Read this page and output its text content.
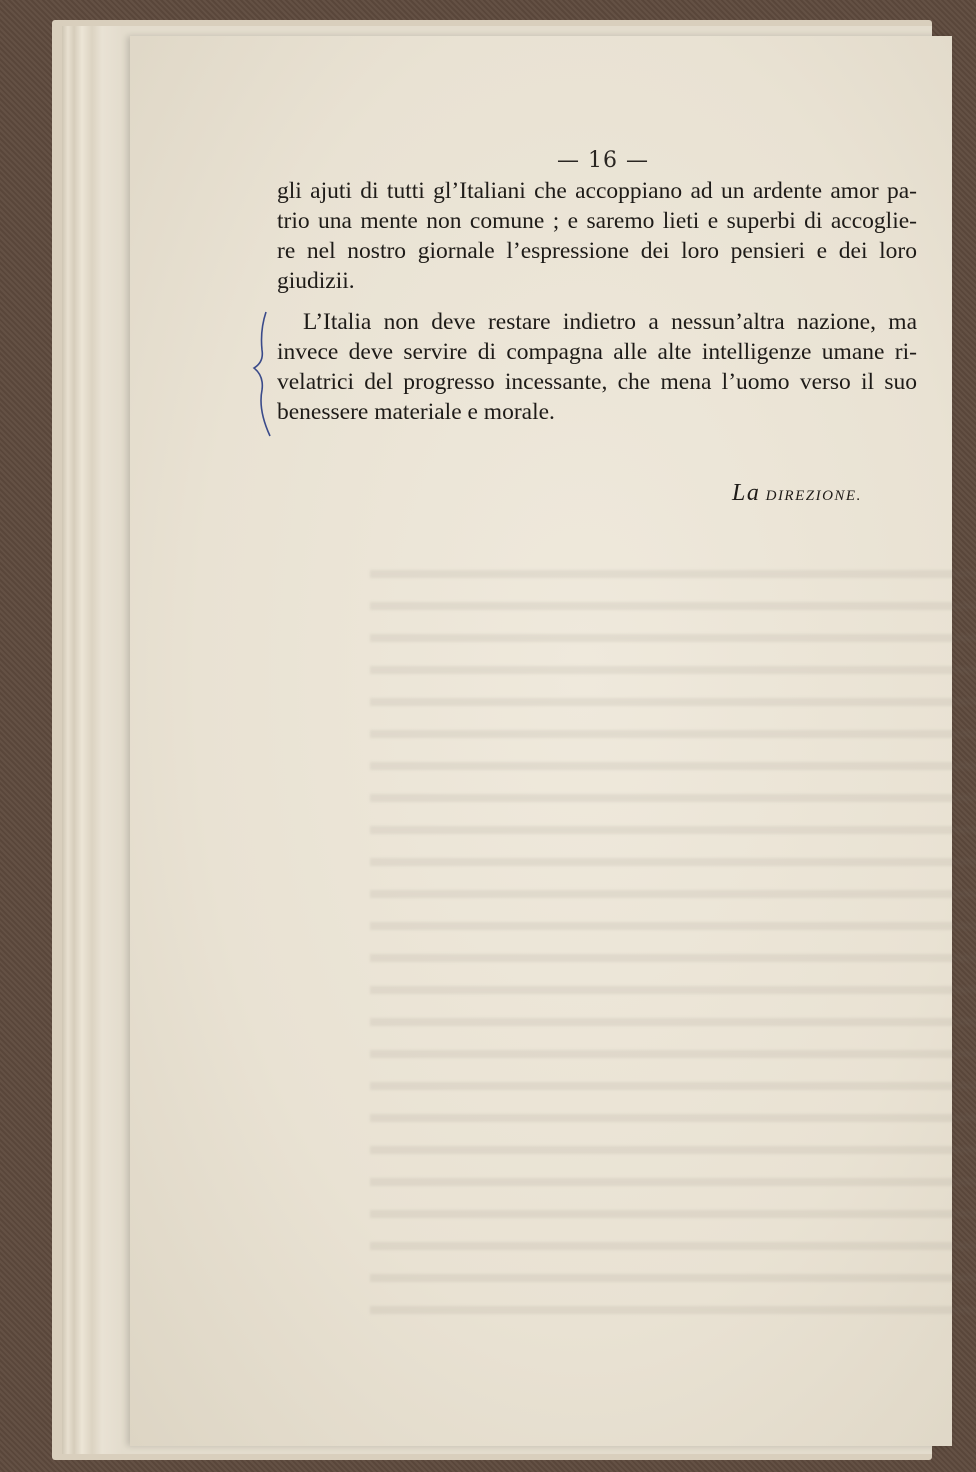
— 16 —
gli ajuti di tutti gl’Italiani che accoppiano ad un ardente amor pa-
trio una mente non comune ; e saremo lieti e superbi di accoglie-
re nel nostro giornale l’espressione dei loro pensieri e dei loro
giudizii.
L’Italia non deve restare indietro a nessun’altra nazione, ma
invece deve servire di compagna alle alte intelligenze umane ri-
velatrici del progresso incessante, che mena l’uomo verso il suo
benessere materiale e morale.
La DIREZIONE.
